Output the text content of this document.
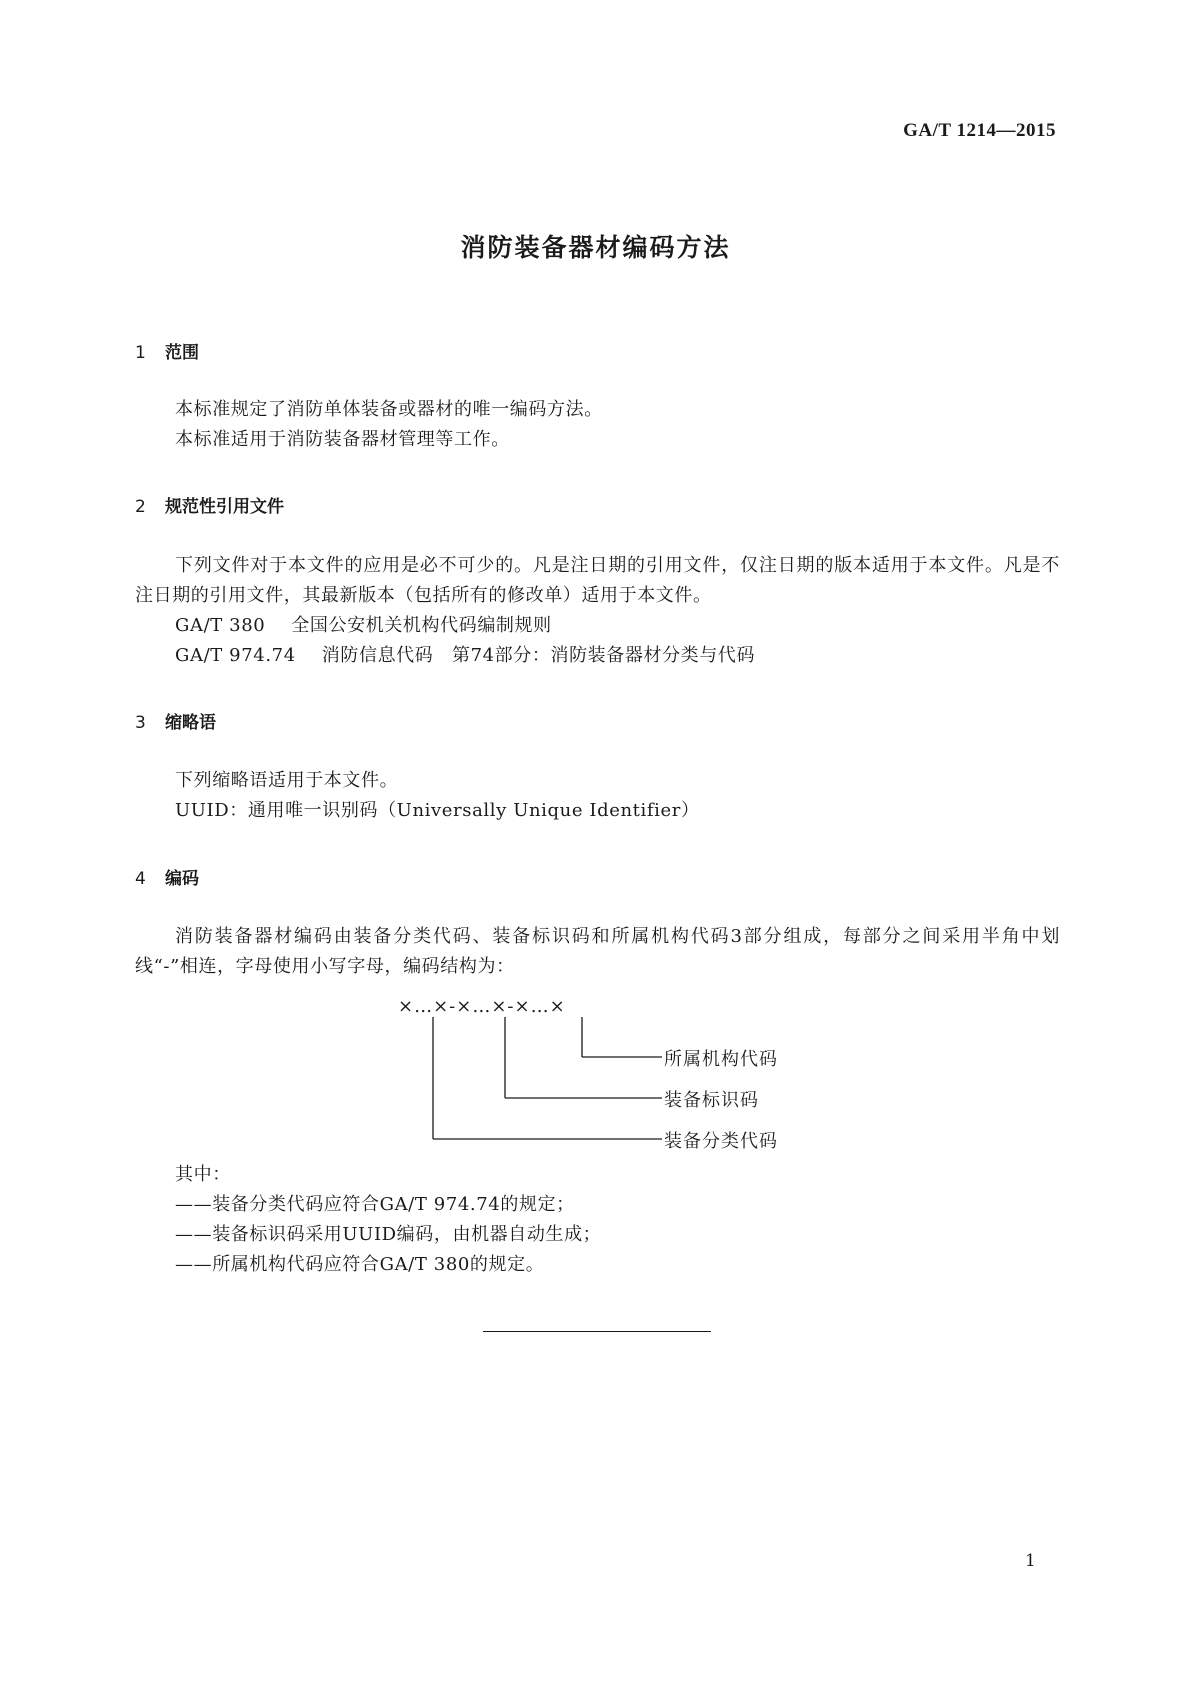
GA/T 1214—2015
消防装备器材编码方法
1 范围
本标准规定了消防单体装备或器材的唯一编码方法。
本标准适用于消防装备器材管理等工作。
2 规范性引用文件
下列文件对于本文件的应用是必不可少的。凡是注日期的引用文件，仅注日期的版本适用于本文件。凡是不注日期的引用文件，其最新版本（包括所有的修改单）适用于本文件。
GA/T 380 全国公安机关机构代码编制规则
GA/T 974.74 消防信息代码　第74部分：消防装备器材分类与代码
3 缩略语
下列缩略语适用于本文件。
UUID：通用唯一识别码（Universally Unique Identifier）
4 编码
消防装备器材编码由装备分类代码、装备标识码和所属机构代码3部分组成，每部分之间采用半角中划线“-”相连，字母使用小写字母，编码结构为：
×…×-×…×-×…×
所属机构代码
装备标识码
装备分类代码
其中：
——装备分类代码应符合GA/T 974.74的规定；
——装备标识码采用UUID编码，由机器自动生成；
——所属机构代码应符合GA/T 380的规定。
1
